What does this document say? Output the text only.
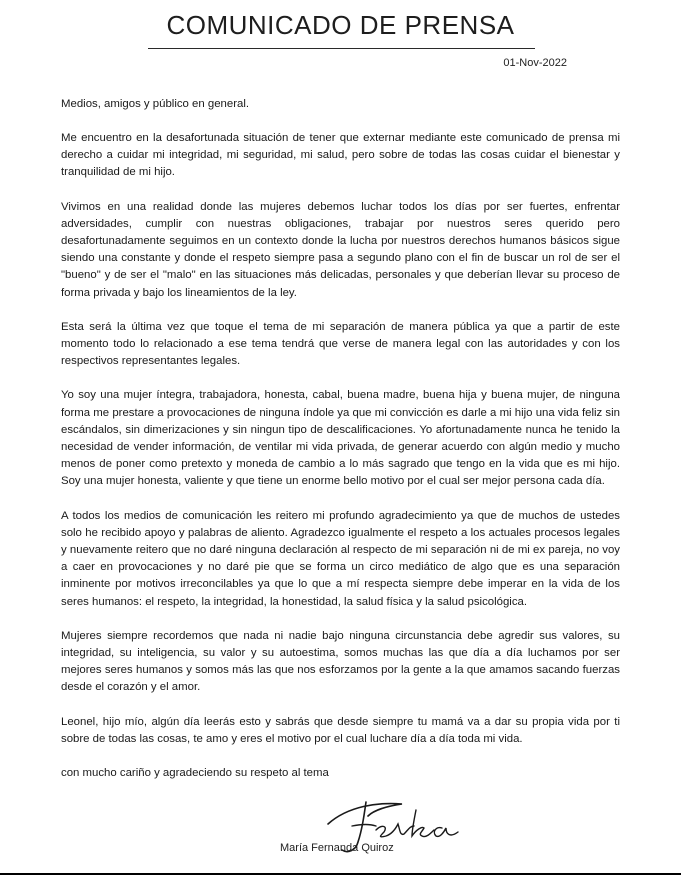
COMUNICADO DE PRENSA
01-Nov-2022

Medios, amigos y público en general.

Me encuentro en la desafortunada situación de tener que externar mediante este comunicado de prensa mi derecho a cuidar mi integridad, mi seguridad, mi salud, pero sobre de todas las cosas cuidar el bienestar y tranquilidad de mi hijo.

Vivimos en una realidad donde las mujeres debemos luchar todos los días por ser fuertes, enfrentar adversidades, cumplir con nuestras obligaciones, trabajar por nuestros seres querido pero desafortunadamente seguimos en un contexto donde la lucha por nuestros derechos humanos básicos sigue siendo una constante y donde el respeto siempre pasa a segundo plano con el fin de buscar un rol de ser el "bueno" y de ser el "malo" en las situaciones más delicadas, personales y que deberían llevar su proceso de forma privada y bajo los lineamientos de la ley.

Esta será la última vez que toque el tema de mi separación de manera pública ya que a partir de este momento todo lo relacionado a ese tema tendrá que verse de manera legal con las autoridades y con los respectivos representantes legales.

Yo soy una mujer íntegra, trabajadora, honesta, cabal, buena madre, buena hija y buena mujer, de ninguna forma me prestare a provocaciones de ninguna índole ya que mi convicción es darle a mi hijo una vida feliz sin escándalos, sin dimerizaciones y sin ningun tipo de descalificaciones. Yo afortunadamente nunca he tenido la necesidad de vender información, de ventilar mi vida privada, de generar acuerdo con algún medio y mucho menos de poner como pretexto y moneda de cambio a lo más sagrado que tengo en la vida que es mi hijo. Soy una mujer honesta, valiente y que tiene un enorme bello motivo por el cual ser mejor persona cada día.

A todos los medios de comunicación les reitero mi profundo agradecimiento ya que de muchos de ustedes solo he recibido apoyo y palabras de aliento. Agradezco igualmente el respeto a los actuales procesos legales y nuevamente reitero que no daré ninguna declaración al respecto de mi separación ni de mi ex pareja, no voy a caer en provocaciones y no daré pie que se forma un circo mediático de algo que es una separación inminente por motivos irreconcilables ya que lo que a mí respecta siempre debe imperar en la vida de los seres humanos: el respeto, la integridad, la honestidad, la salud física y la salud psicológica.

Mujeres siempre recordemos que nada ni nadie bajo ninguna circunstancia debe agredir sus valores, su integridad, su inteligencia, su valor y su autoestima, somos muchas las que día a día luchamos por ser mejores seres humanos y somos más las que nos esforzamos por la gente a la que amamos sacando fuerzas desde el corazón y el amor.

Leonel, hijo mío, algún día leerás esto y sabrás que desde siempre tu mamá va a dar su propia vida por ti sobre de todas las cosas, te amo y eres el motivo por el cual luchare día a día toda mi vida.

con mucho cariño y agradeciendo su respeto al tema

María Fernanda Quiroz
